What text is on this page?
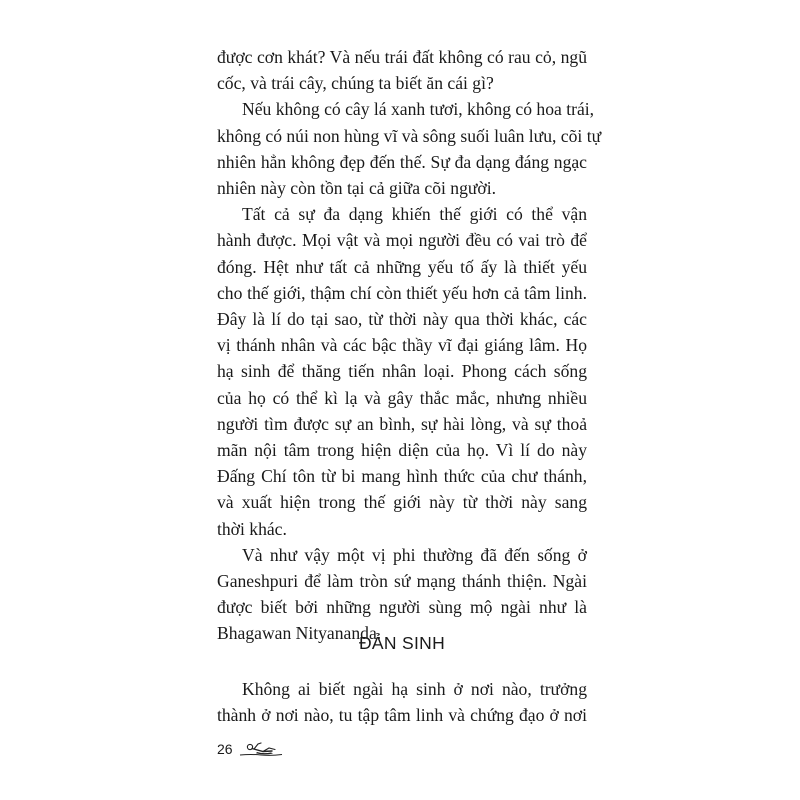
được cơn khát? Và nếu trái đất không có rau cỏ, ngũ
cốc, và trái cây, chúng ta biết ăn cái gì?
Nếu không có cây lá xanh tươi, không có hoa trái,
không có núi non hùng vĩ và sông suối luân lưu, cõi tự
nhiên hẳn không đẹp đến thế. Sự đa dạng đáng ngạc
nhiên này còn tồn tại cả giữa cõi người.
Tất cả sự đa dạng khiến thế giới có thể vận
hành được. Mọi vật và mọi người đều có vai trò để
đóng. Hệt như tất cả những yếu tố ấy là thiết yếu
cho thế giới, thậm chí còn thiết yếu hơn cả tâm linh.
Đây là lí do tại sao, từ thời này qua thời khác, các
vị thánh nhân và các bậc thầy vĩ đại giáng lâm. Họ
hạ sinh để thăng tiến nhân loại. Phong cách sống
của họ có thể kì lạ và gây thắc mắc, nhưng nhiều
người tìm được sự an bình, sự hài lòng, và sự thoả
mãn nội tâm trong hiện diện của họ. Vì lí do này
Đấng Chí tôn từ bi mang hình thức của chư thánh,
và xuất hiện trong thế giới này từ thời này sang
thời khác.
Và như vậy một vị phi thường đã đến sống ở
Ganeshpuri để làm tròn sứ mạng thánh thiện. Ngài
được biết bởi những người sùng mộ ngài như là
Bhagawan Nityananda.
ĐẢN SINH
Không ai biết ngài hạ sinh ở nơi nào, trưởng
thành ở nơi nào, tu tập tâm linh và chứng đạo ở nơi
26
